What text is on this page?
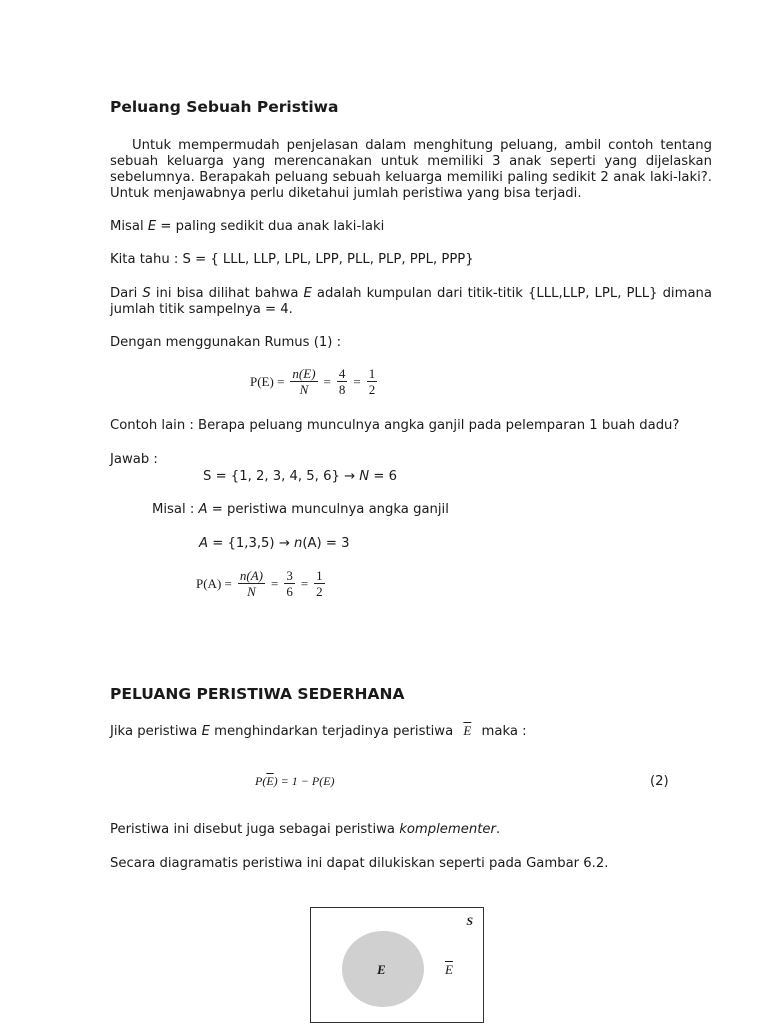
Peluang Sebuah Peristiwa
Untuk mempermudah penjelasan dalam menghitung peluang, ambil contoh tentang sebuah keluarga yang merencanakan untuk memiliki 3 anak seperti yang dijelaskan sebelumnya. Berapakah peluang sebuah keluarga memiliki paling sedikit 2 anak laki-laki?. Untuk menjawabnya perlu diketahui jumlah peristiwa yang bisa terjadi.
Misal E = paling sedikit dua anak laki-laki
Kita tahu : S = { LLL, LLP, LPL, LPP, PLL, PLP, PPL, PPP}
Dari S ini bisa dilihat bahwa E adalah kumpulan dari titik-titik {LLL,LLP, LPL, PLL} dimana jumlah titik sampelnya = 4.
Dengan menggunakan Rumus (1) :
$P(E) = \frac{n(E)}{N} = \frac{4}{8} = \frac{1}{2}$
Contoh lain : Berapa peluang munculnya angka ganjil pada pelemparan 1 buah dadu?
Jawab :
S = {1, 2, 3, 4, 5, 6} → N = 6
Misal : A = peristiwa munculnya angka ganjil
A = {1,3,5) → n(A) = 3
$P(A) = \frac{n(A)}{N} = \frac{3}{6} = \frac{1}{2}$
PELUANG PERISTIWA SEDERHANA
Jika peristiwa E menghindarkan terjadinya peristiwa $\overline{E}$ maka :
$P(\overline{E}) = 1 - P(E)$	(2)
Peristiwa ini disebut juga sebagai peristiwa komplementer.
Secara diagramatis peristiwa ini dapat dilukiskan seperti pada Gambar 6.2.
S
E	$\overline{E}$
